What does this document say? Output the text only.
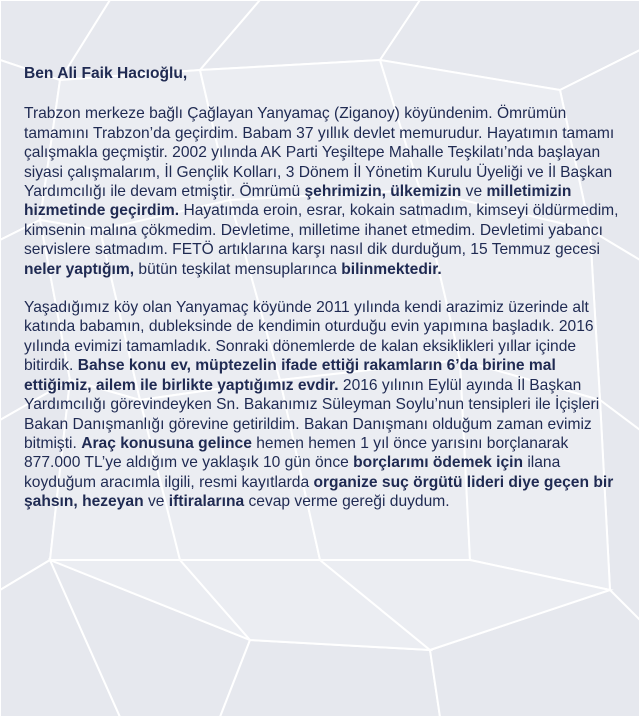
Ben Ali Faik Hacıoğlu,

Trabzon merkeze bağlı Çağlayan Yanyamaç (Ziganoy) köyündenim. Ömrümün tamamını Trabzon’da geçirdim. Babam 37 yıllık devlet memurudur. Hayatımın tamamı çalışmakla geçmiştir. 2002 yılında AK Parti Yeşiltepe Mahalle Teşkilatı’nda başlayan siyasi çalışmalarım, İl Gençlik Kolları, 3 Dönem İl Yönetim Kurulu Üyeliği ve İl Başkan Yardımcılığı ile devam etmiştir. Ömrümü şehrimizin, ülkemizin ve milletimizin hizmetinde geçirdim. Hayatımda eroin, esrar, kokain satmadım, kimseyi öldürmedim, kimsenin malına çökmedim. Devletime, milletime ihanet etmedim. Devletimi yabancı servislere satmadım. FETÖ artıklarına karşı nasıl dik durduğum, 15 Temmuz gecesi neler yaptığım, bütün teşkilat mensuplarınca bilinmektedir.

Yaşadığımız köy olan Yanyamaç köyünde 2011 yılında kendi arazimiz üzerinde alt katında babamın, dubleksinde de kendimin oturduğu evin yapımına başladık. 2016 yılında evimizi tamamladık. Sonraki dönemlerde de kalan eksiklikleri yıllar içinde bitirdik. Bahse konu ev, müptezelin ifade ettiği rakamların 6’da birine mal ettiğimiz, ailem ile birlikte yaptığımız evdir. 2016 yılının Eylül ayında İl Başkan Yardımcılığı görevindeyken Sn. Bakanımız Süleyman Soylu’nun tensipleri ile İçişleri Bakan Danışmanlığı görevine getirildim. Bakan Danışmanı olduğum zaman evimiz bitmişti. Araç konusuna gelince hemen hemen 1 yıl önce yarısını borçlanarak 877.000 TL’ye aldığım ve yaklaşık 10 gün önce borçlarımı ödemek için ilana koyduğum aracımla ilgili, resmi kayıtlarda organize suç örgütü lideri diye geçen bir şahsın, hezeyan ve iftiralarına cevap verme gereği duydum.
